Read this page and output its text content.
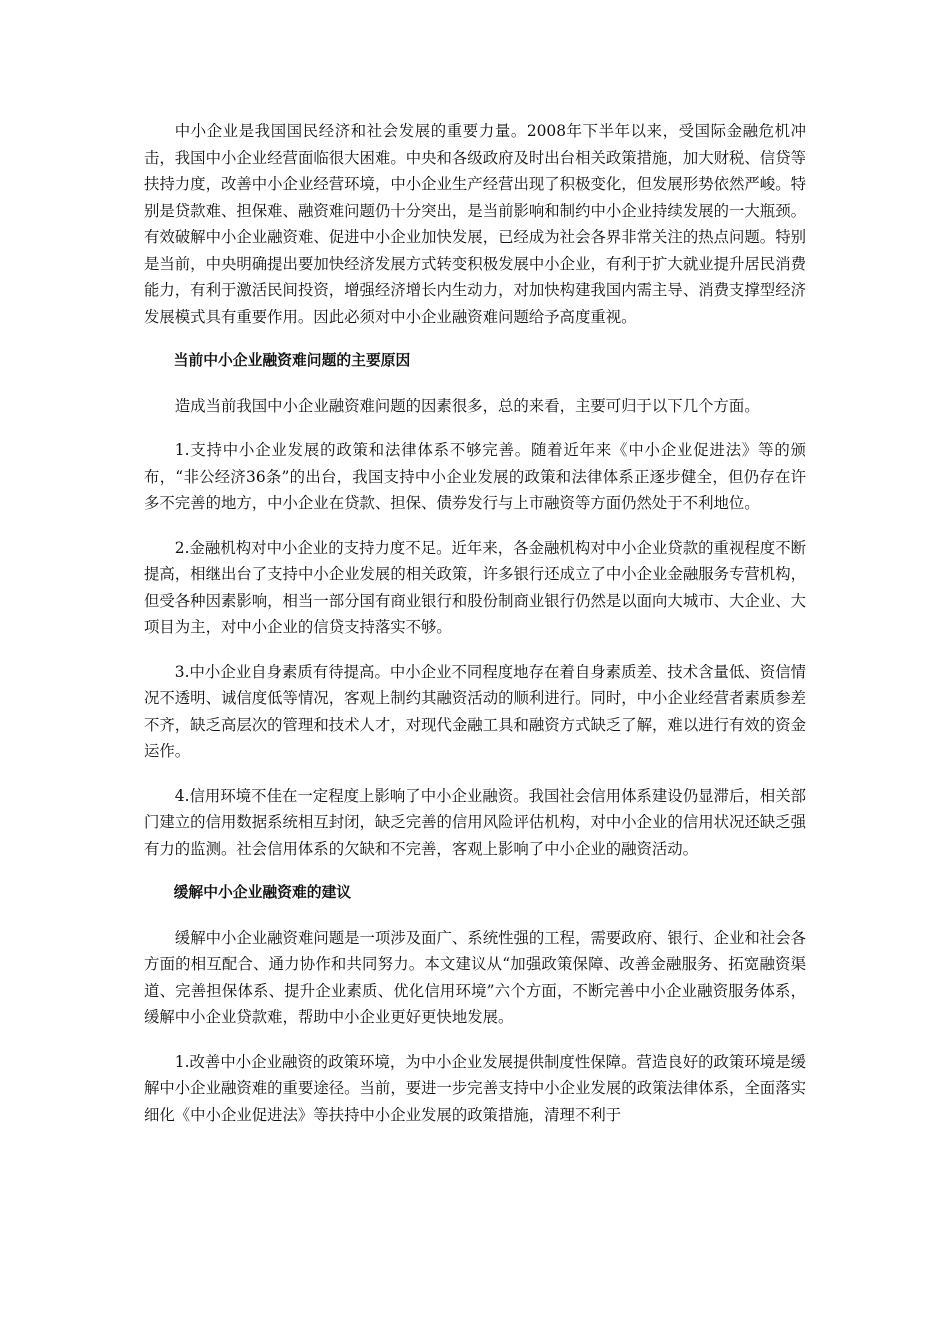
中小企业是我国国民经济和社会发展的重要力量。2008年下半年以来，受国际金融危机冲击，我国中小企业经营面临很大困难。中央和各级政府及时出台相关政策措施，加大财税、信贷等扶持力度，改善中小企业经营环境，中小企业生产经营出现了积极变化，但发展形势依然严峻。特别是贷款难、担保难、融资难问题仍十分突出，是当前影响和制约中小企业持续发展的一大瓶颈。有效破解中小企业融资难、促进中小企业加快发展，已经成为社会各界非常关注的热点问题。特别是当前，中央明确提出要加快经济发展方式转变积极发展中小企业，有利于扩大就业提升居民消费能力，有利于激活民间投资，增强经济增长内生动力，对加快构建我国内需主导、消费支撑型经济发展模式具有重要作用。因此必须对中小企业融资难问题给予高度重视。

当前中小企业融资难问题的主要原因

造成当前我国中小企业融资难问题的因素很多，总的来看，主要可归于以下几个方面。

1.支持中小企业发展的政策和法律体系不够完善。随着近年来《中小企业促进法》等的颁布，“非公经济36条”的出台，我国支持中小企业发展的政策和法律体系正逐步健全，但仍存在许多不完善的地方，中小企业在贷款、担保、债券发行与上市融资等方面仍然处于不利地位。

2.金融机构对中小企业的支持力度不足。近年来，各金融机构对中小企业贷款的重视程度不断提高，相继出台了支持中小企业发展的相关政策，许多银行还成立了中小企业金融服务专营机构，但受各种因素影响，相当一部分国有商业银行和股份制商业银行仍然是以面向大城市、大企业、大项目为主，对中小企业的信贷支持落实不够。

3.中小企业自身素质有待提高。中小企业不同程度地存在着自身素质差、技术含量低、资信情况不透明、诚信度低等情况，客观上制约其融资活动的顺利进行。同时，中小企业经营者素质参差不齐，缺乏高层次的管理和技术人才，对现代金融工具和融资方式缺乏了解，难以进行有效的资金运作。

4.信用环境不佳在一定程度上影响了中小企业融资。我国社会信用体系建设仍显滞后，相关部门建立的信用数据系统相互封闭，缺乏完善的信用风险评估机构，对中小企业的信用状况还缺乏强有力的监测。社会信用体系的欠缺和不完善，客观上影响了中小企业的融资活动。

缓解中小企业融资难的建议

缓解中小企业融资难问题是一项涉及面广、系统性强的工程，需要政府、银行、企业和社会各方面的相互配合、通力协作和共同努力。本文建议从“加强政策保障、改善金融服务、拓宽融资渠道、完善担保体系、提升企业素质、优化信用环境”六个方面，不断完善中小企业融资服务体系，缓解中小企业贷款难，帮助中小企业更好更快地发展。

1.改善中小企业融资的政策环境，为中小企业发展提供制度性保障。营造良好的政策环境是缓解中小企业融资难的重要途径。当前，要进一步完善支持中小企业发展的政策法律体系，全面落实细化《中小企业促进法》等扶持中小企业发展的政策措施，清理不利于
